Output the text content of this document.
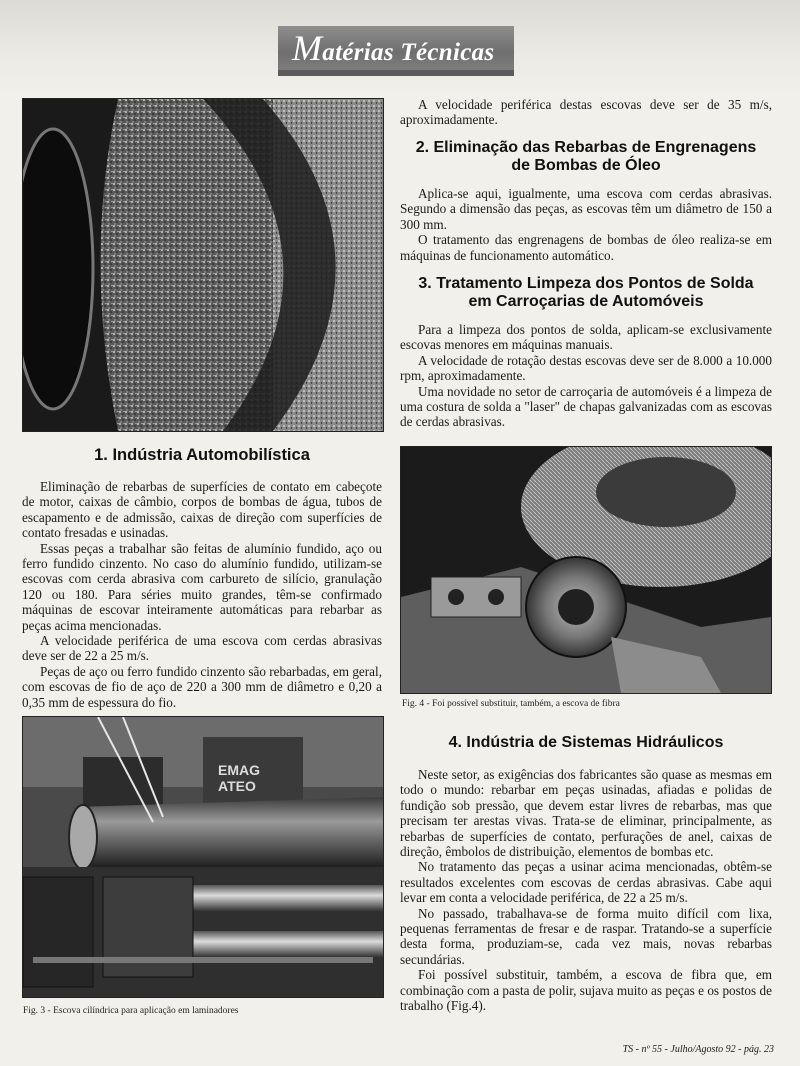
Matérias Técnicas
1. Indústria Automobilística

Eliminação de rebarbas de superfícies de contato em cabeçote de motor, caixas de câmbio, corpos de bombas de água, tubos de escapamento e de admissão, caixas de direção com superfícies de contato fresadas e usinadas.

Essas peças a trabalhar são feitas de alumínio fundido, aço ou ferro fundido cinzento. No caso do alumínio fundido, utilizam-se escovas com cerda abrasiva com carbureto de silício, granulação 120 ou 180. Para séries muito grandes, têm-se confirmado máquinas de escovar inteiramente automáticas para rebarbar as peças acima mencionadas.

A velocidade periférica de uma escova com cerdas abrasivas deve ser de 22 a 25 m/s.

Peças de aço ou ferro fundido cinzento são rebarbadas, em geral, com escovas de fio de aço de 220 a 300 mm de diâmetro e 0,20 a 0,35 mm de espessura do fio.

EMAG
ATEO
Fig. 3 - Escova cilíndrica para aplicação em laminadores

A velocidade periférica destas escovas deve ser de 35 m/s, aproximadamente.

2. Eliminação das Rebarbas de Engrenagens
de Bombas de Óleo

Aplica-se aqui, igualmente, uma escova com cerdas abrasivas. Segundo a dimensão das peças, as escovas têm um diâmetro de 150 a 300 mm.

O tratamento das engrenagens de bombas de óleo realiza-se em máquinas de funcionamento automático.

3. Tratamento Limpeza dos Pontos de Solda
em Carroçarias de Automóveis

Para a limpeza dos pontos de solda, aplicam-se exclusivamente escovas menores em máquinas manuais.

A velocidade de rotação destas escovas deve ser de 8.000 a 10.000 rpm, aproximadamente.

Uma novidade no setor de carroçaria de automóveis é a limpeza de uma costura de solda a "laser" de chapas galvanizadas com as escovas de cerdas abrasivas.

Fig. 4 - Foi possível substituir, também, a escova de fibra
4. Indústria de Sistemas Hidráulicos

Neste setor, as exigências dos fabricantes são quase as mesmas em todo o mundo: rebarbar em peças usinadas, afiadas e polidas de fundição sob pressão, que devem estar livres de rebarbas, mas que precisam ter arestas vivas. Trata-se de eliminar, principalmente, as rebarbas de superfícies de contato, perfurações de anel, caixas de direção, êmbolos de distribuição, elementos de bombas etc.

No tratamento das peças a usinar acima mencionadas, obtêm-se resultados excelentes com escovas de cerdas abrasivas. Cabe aqui levar em conta a velocidade periférica, de 22 a 25 m/s.

No passado, trabalhava-se de forma muito difícil com lixa, pequenas ferramentas de fresar e de raspar. Tratando-se a superfície desta forma, produziam-se, cada vez mais, novas rebarbas secundárias.

Foi possível substituir, também, a escova de fibra que, em combinação com a pasta de polir, sujava muito as peças e os postos de trabalho (Fig.4).

TS - nº 55 - Julho/Agosto 92 - pág. 23
